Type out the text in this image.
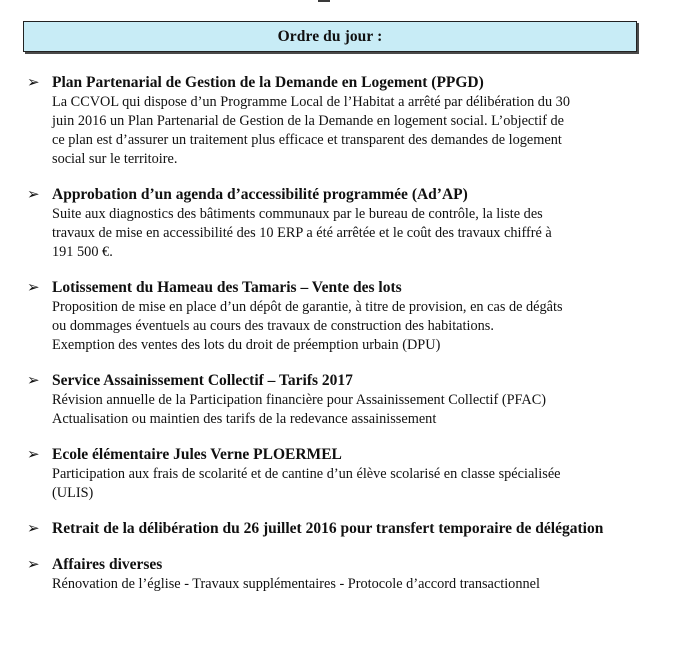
Ordre du jour :
➢ Plan Partenarial de Gestion de la Demande en Logement (PPGD)
La CCVOL qui dispose d’un Programme Local de l’Habitat a arrêté par délibération du 30
juin 2016 un Plan Partenarial de Gestion de la Demande en logement social. L’objectif de
ce plan est d’assurer un traitement plus efficace et transparent des demandes de logement
social sur le territoire.
➢ Approbation d’un agenda d’accessibilité programmée (Ad’AP)
Suite aux diagnostics des bâtiments communaux par le bureau de contrôle, la liste des
travaux de mise en accessibilité des 10 ERP a été arrêtée et le coût des travaux chiffré à
191 500 €.
➢ Lotissement du Hameau des Tamaris – Vente des lots
Proposition de mise en place d’un dépôt de garantie, à titre de provision, en cas de dégâts
ou dommages éventuels au cours des travaux de construction des habitations.
Exemption des ventes des lots du droit de préemption urbain (DPU)
➢ Service Assainissement Collectif – Tarifs 2017
Révision annuelle de la Participation financière pour Assainissement Collectif (PFAC)
Actualisation ou maintien des tarifs de la redevance assainissement
➢ Ecole élémentaire Jules Verne PLOERMEL
Participation aux frais de scolarité et de cantine d’un élève scolarisé en classe spécialisée
(ULIS)
➢ Retrait de la délibération du 26 juillet 2016 pour transfert temporaire de délégation
➢ Affaires diverses
Rénovation de l’église - Travaux supplémentaires - Protocole d’accord transactionnel
